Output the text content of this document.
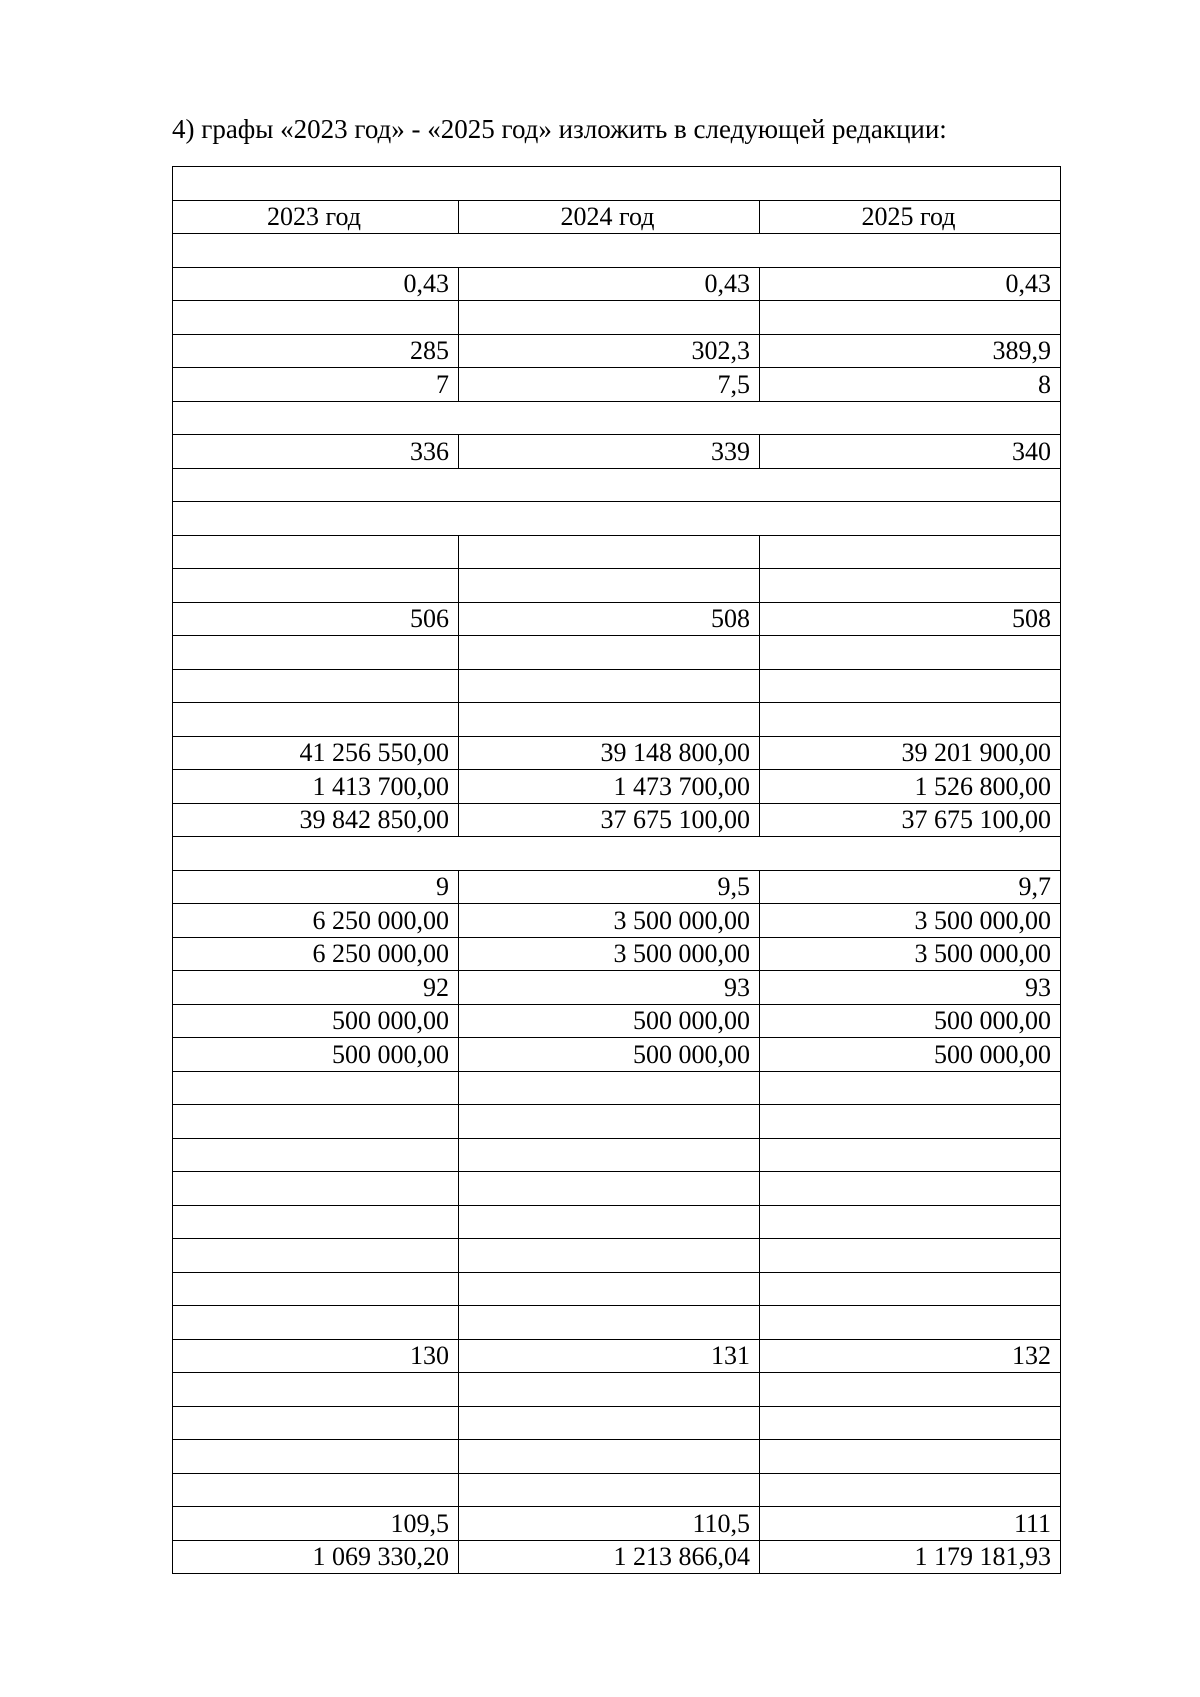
4) графы «2023 год» - «2025 год» изложить в следующей редакции:

2023 год	2024 год	2025 год

0,43	0,43	0,43

285	302,3	389,9
7	7,5	8

336	339	340

506	508	508

41 256 550,00	39 148 800,00	39 201 900,00
1 413 700,00	1 473 700,00	1 526 800,00
39 842 850,00	37 675 100,00	37 675 100,00

9	9,5	9,7
6 250 000,00	3 500 000,00	3 500 000,00
6 250 000,00	3 500 000,00	3 500 000,00
92	93	93
500 000,00	500 000,00	500 000,00
500 000,00	500 000,00	500 000,00

130	131	132

109,5	110,5	111
1 069 330,20	1 213 866,04	1 179 181,93
